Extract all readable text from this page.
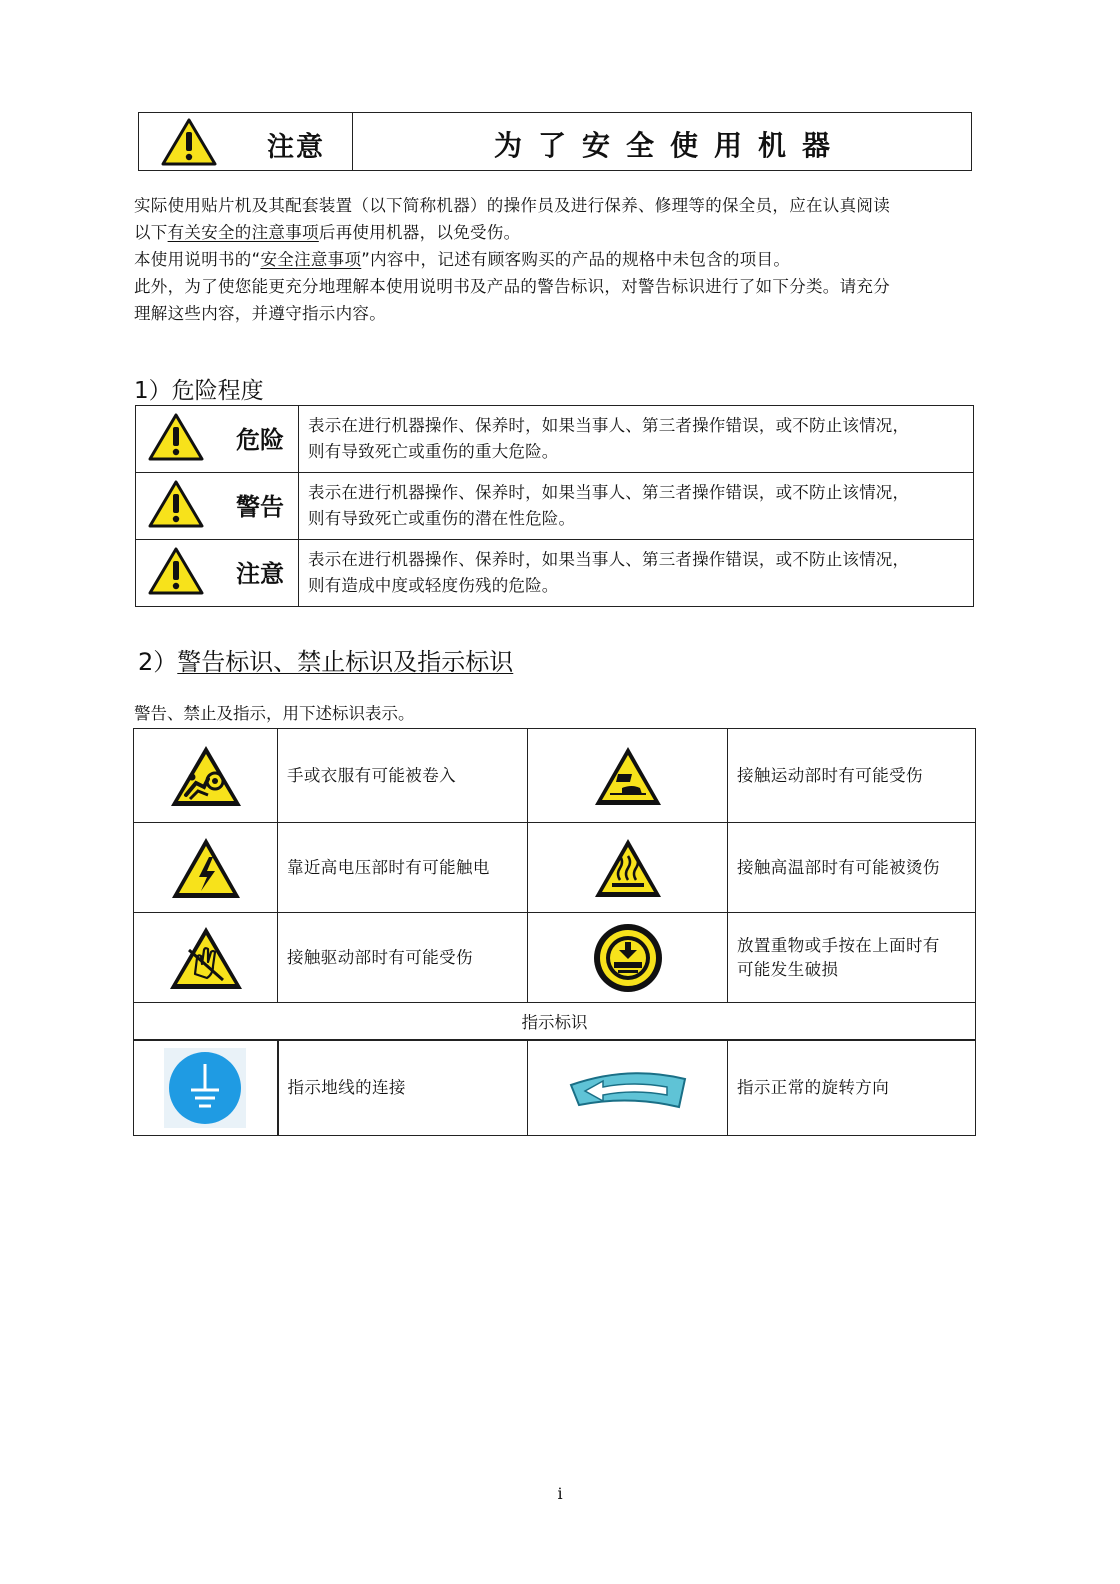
注意	为了安全使用机器
实际使用贴片机及其配套装置（以下简称机器）的操作员及进行保养、修理等的保全员，应在认真阅读
以下有关安全的注意事项后再使用机器，以免受伤。
本使用说明书的“安全注意事项”内容中，记述有顾客购买的产品的规格中未包含的项目。
此外，为了使您能更充分地理解本使用说明书及产品的警告标识，对警告标识进行了如下分类。请充分
理解这些内容，并遵守指示内容。
1）危险程度
危险	表示在进行机器操作、保养时，如果当事人、第三者操作错误，或不防止该情况，
则有导致死亡或重伤的重大危险。

警告	表示在进行机器操作、保养时，如果当事人、第三者操作错误，或不防止该情况，
则有导致死亡或重伤的潜在性危险。

注意	表示在进行机器操作、保养时，如果当事人、第三者操作错误，或不防止该情况，
则有造成中度或轻度伤残的危险。
2）警告标识、禁止标识及指示标识
警告、禁止及指示，用下述标识表示。
	手或衣服有可能被卷入		接触运动部时有可能受伤

	靠近高电压部时有可能触电		接触高温部时有可能被烫伤

	接触驱动部时有可能受伤		放置重物或手按在上面时有
可能发生破损

指示标识			

	指示地线的连接		指示正常的旋转方向
i
